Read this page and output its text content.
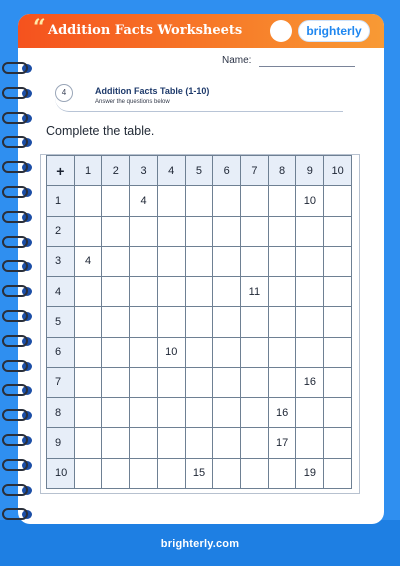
brighterly.com
“ Addition Facts Worksheets	brighterly
Name:
4	Addition Facts Table (1-10)
Answer the questions below
Complete the table.
+	1	2	3	4	5	6	7	8	9	10
1			4						10	
2										
3	4									
4							11			
5										
6				10						
7									16	
8								16		
9								17		
10					15				19	
